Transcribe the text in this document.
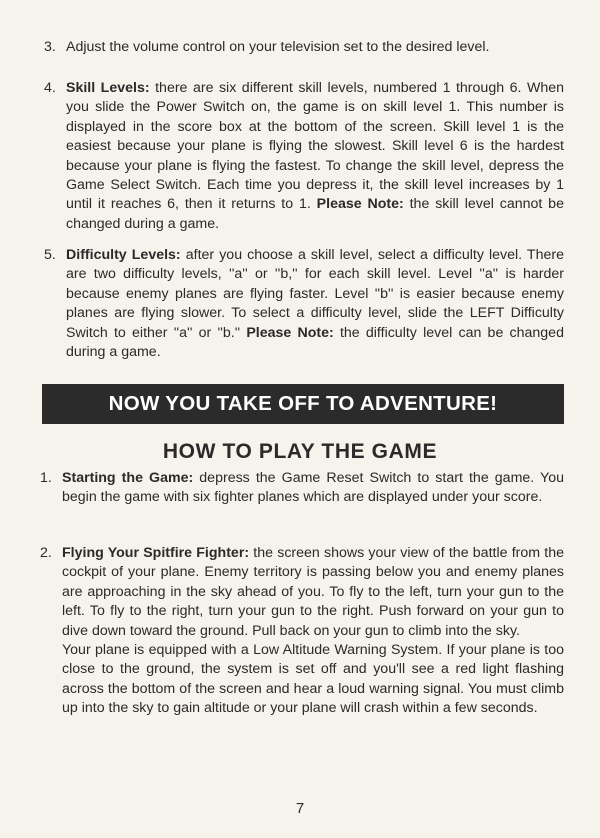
3. Adjust the volume control on your television set to the desired level.
4. Skill Levels: there are six different skill levels, numbered 1 through 6. When you slide the Power Switch on, the game is on skill level 1. This number is displayed in the score box at the bottom of the screen. Skill level 1 is the easiest because your plane is flying the slowest. Skill level 6 is the hardest because your plane is flying the fastest. To change the skill level, depress the Game Select Switch. Each time you depress it, the skill level increases by 1 until it reaches 6, then it returns to 1. Please Note: the skill level cannot be changed during a game.
5. Difficulty Levels: after you choose a skill level, select a difficulty level. There are two difficulty levels, ''a'' or ''b,'' for each skill level. Level ''a'' is harder because enemy planes are flying faster. Level ''b'' is easier because enemy planes are flying slower. To select a difficulty level, slide the LEFT Difficulty Switch to either ''a'' or ''b.'' Please Note: the difficulty level can be changed during a game.
NOW YOU TAKE OFF TO ADVENTURE!
HOW TO PLAY THE GAME
1. Starting the Game: depress the Game Reset Switch to start the game. You begin the game with six fighter planes which are displayed under your score.
2. Flying Your Spitfire Fighter: the screen shows your view of the battle from the cockpit of your plane. Enemy territory is passing below you and enemy planes are approaching in the sky ahead of you. To fly to the left, turn your gun to the left. To fly to the right, turn your gun to the right. Push forward on your gun to dive down toward the ground. Pull back on your gun to climb into the sky.
Your plane is equipped with a Low Altitude Warning System. If your plane is too close to the ground, the system is set off and you'll see a red light flashing across the bottom of the screen and hear a loud warning signal. You must climb up into the sky to gain altitude or your plane will crash within a few seconds.
7
